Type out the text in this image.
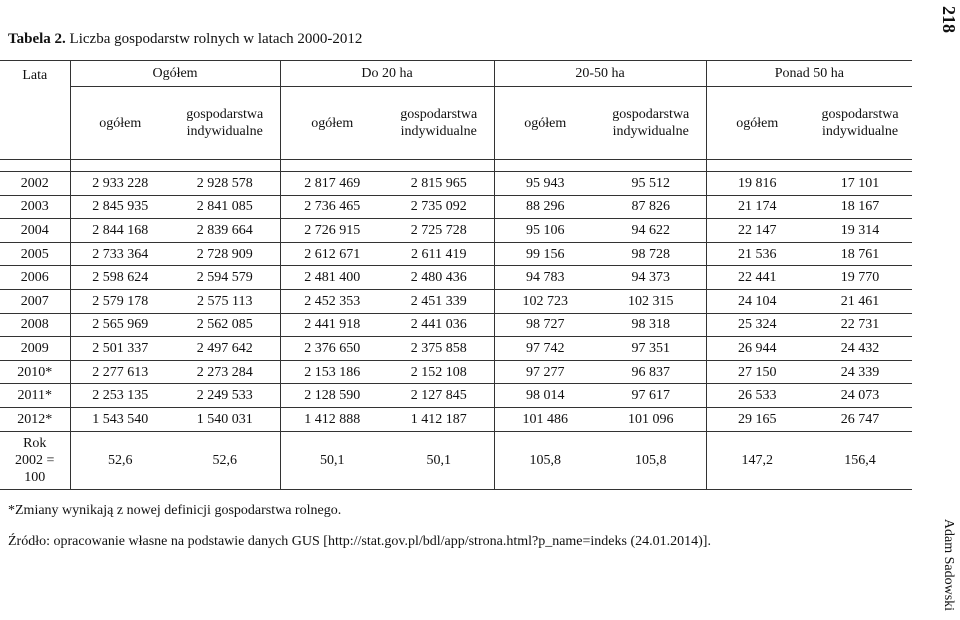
Tabela 2. Liczba gospodarstw rolnych w latach 2000-2012
218
Lata	Ogółem		Do 20 ha		20-50 ha		Ponad 50 ha	
	ogółem	gospodarstwa indywidualne	ogółem	gospodarstwa indywidualne	ogółem	gospodarstwa indywidualne	ogółem	gospodarstwa indywidualne

2002	2 933 228	2 928 578	2 817 469	2 815 965	95 943	95 512	19 816	17 101
2003	2 845 935	2 841 085	2 736 465	2 735 092	88 296	87 826	21 174	18 167
2004	2 844 168	2 839 664	2 726 915	2 725 728	95 106	94 622	22 147	19 314
2005	2 733 364	2 728 909	2 612 671	2 611 419	99 156	98 728	21 536	18 761
2006	2 598 624	2 594 579	2 481 400	2 480 436	94 783	94 373	22 441	19 770
2007	2 579 178	2 575 113	2 452 353	2 451 339	102 723	102 315	24 104	21 461
2008	2 565 969	2 562 085	2 441 918	2 441 036	98 727	98 318	25 324	22 731
2009	2 501 337	2 497 642	2 376 650	2 375 858	97 742	97 351	26 944	24 432
2010*	2 277 613	2 273 284	2 153 186	2 152 108	97 277	96 837	27 150	24 339
2011*	2 253 135	2 249 533	2 128 590	2 127 845	98 014	97 617	26 533	24 073
2012*	1 543 540	1 540 031	1 412 888	1 412 187	101 486	101 096	29 165	26 747

Rok
2002 =
100	52,6	52,6	50,1	50,1	105,8	105,8	147,2	156,4
*Zmiany wynikają z nowej definicji gospodarstwa rolnego.
Źródło: opracowanie własne na podstawie danych GUS [http://stat.gov.pl/bdl/app/strona.html?p_name=indeks (24.01.2014)].	Adam Sadowski
